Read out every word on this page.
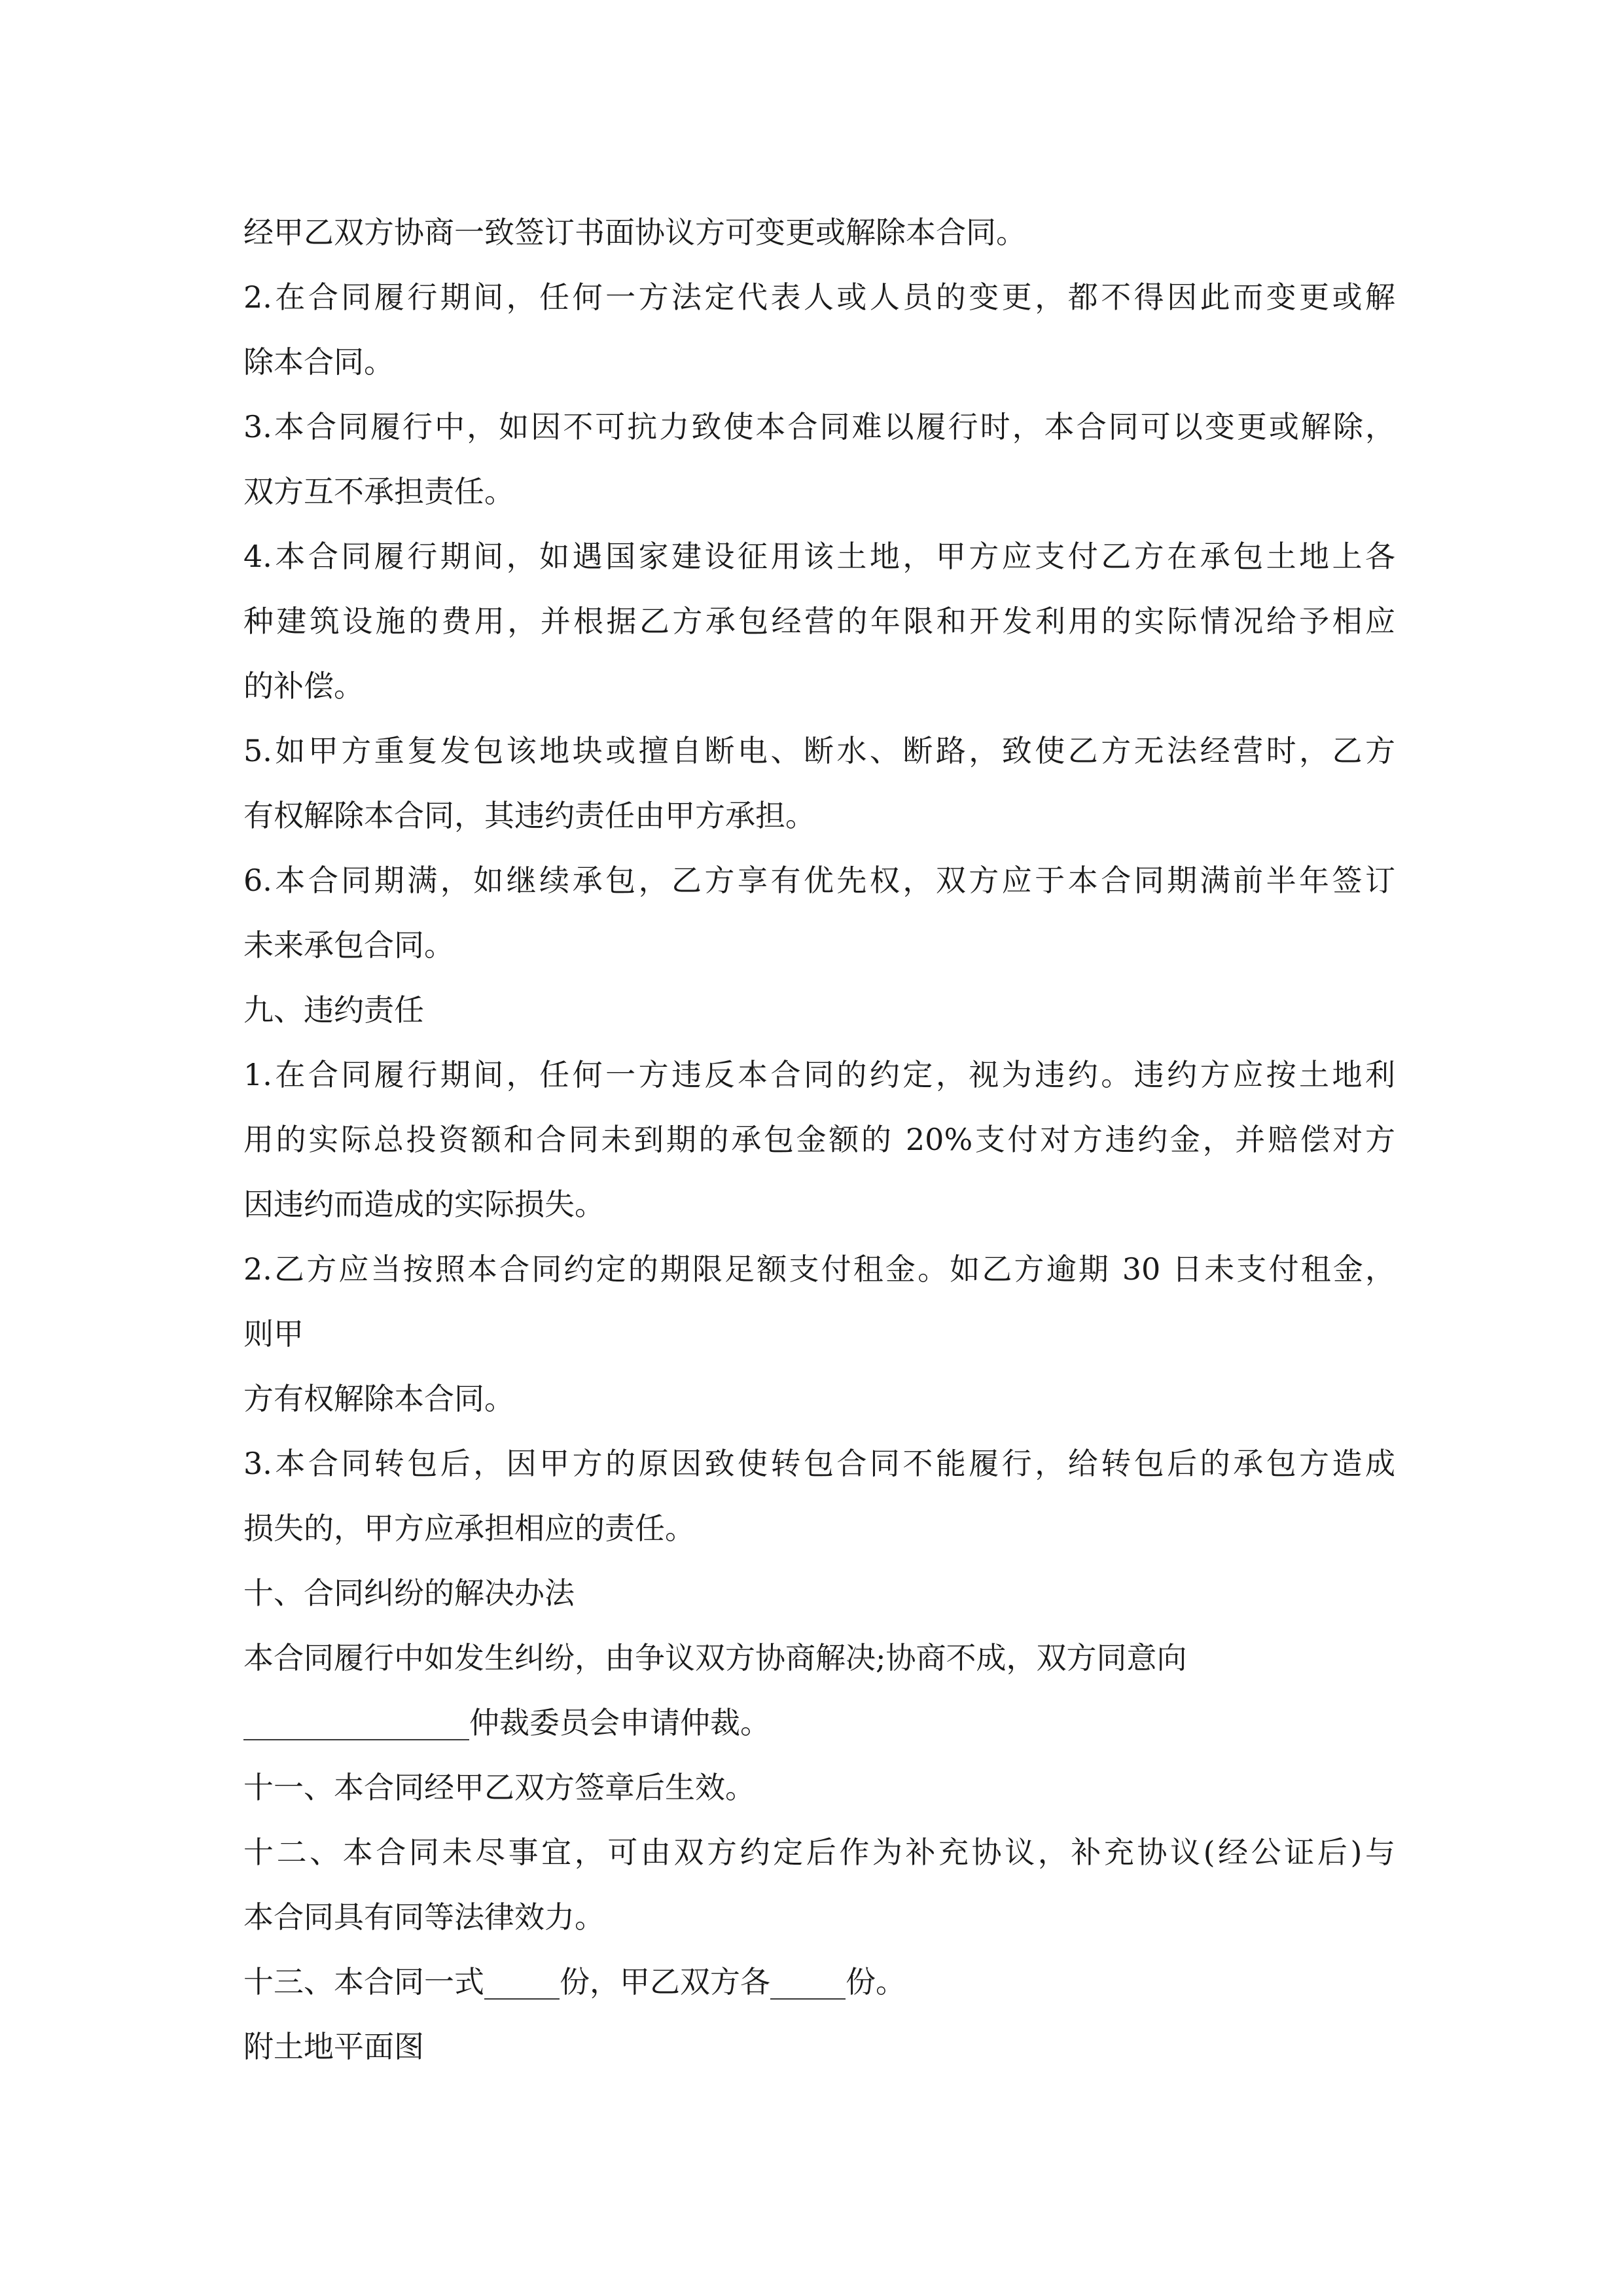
经甲乙双方协商一致签订书面协议方可变更或解除本合同。
2.在合同履行期间，任何一方法定代表人或人员的变更，都不得因此而变更或解
除本合同。
3.本合同履行中，如因不可抗力致使本合同难以履行时，本合同可以变更或解除，
双方互不承担责任。
4.本合同履行期间，如遇国家建设征用该土地，甲方应支付乙方在承包土地上各
种建筑设施的费用，并根据乙方承包经营的年限和开发利用的实际情况给予相应
的补偿。
5.如甲方重复发包该地块或擅自断电、断水、断路，致使乙方无法经营时，乙方
有权解除本合同，其违约责任由甲方承担。
6.本合同期满，如继续承包，乙方享有优先权，双方应于本合同期满前半年签订
未来承包合同。
九、违约责任
1.在合同履行期间，任何一方违反本合同的约定，视为违约。违约方应按土地利
用的实际总投资额和合同未到期的承包金额的 20%支付对方违约金，并赔偿对方
因违约而造成的实际损失。
2.乙方应当按照本合同约定的期限足额支付租金。如乙方逾期 30 日未支付租金，
则甲
方有权解除本合同。
3.本合同转包后，因甲方的原因致使转包合同不能履行，给转包后的承包方造成
损失的，甲方应承担相应的责任。
十、合同纠纷的解决办法
本合同履行中如发生纠纷，由争议双方协商解决;协商不成，双方同意向
_______________仲裁委员会申请仲裁。
十一、本合同经甲乙双方签章后生效。
十二、本合同未尽事宜，可由双方约定后作为补充协议，补充协议(经公证后)与
本合同具有同等法律效力。
十三、本合同一式_____份，甲乙双方各_____份。
附土地平面图
